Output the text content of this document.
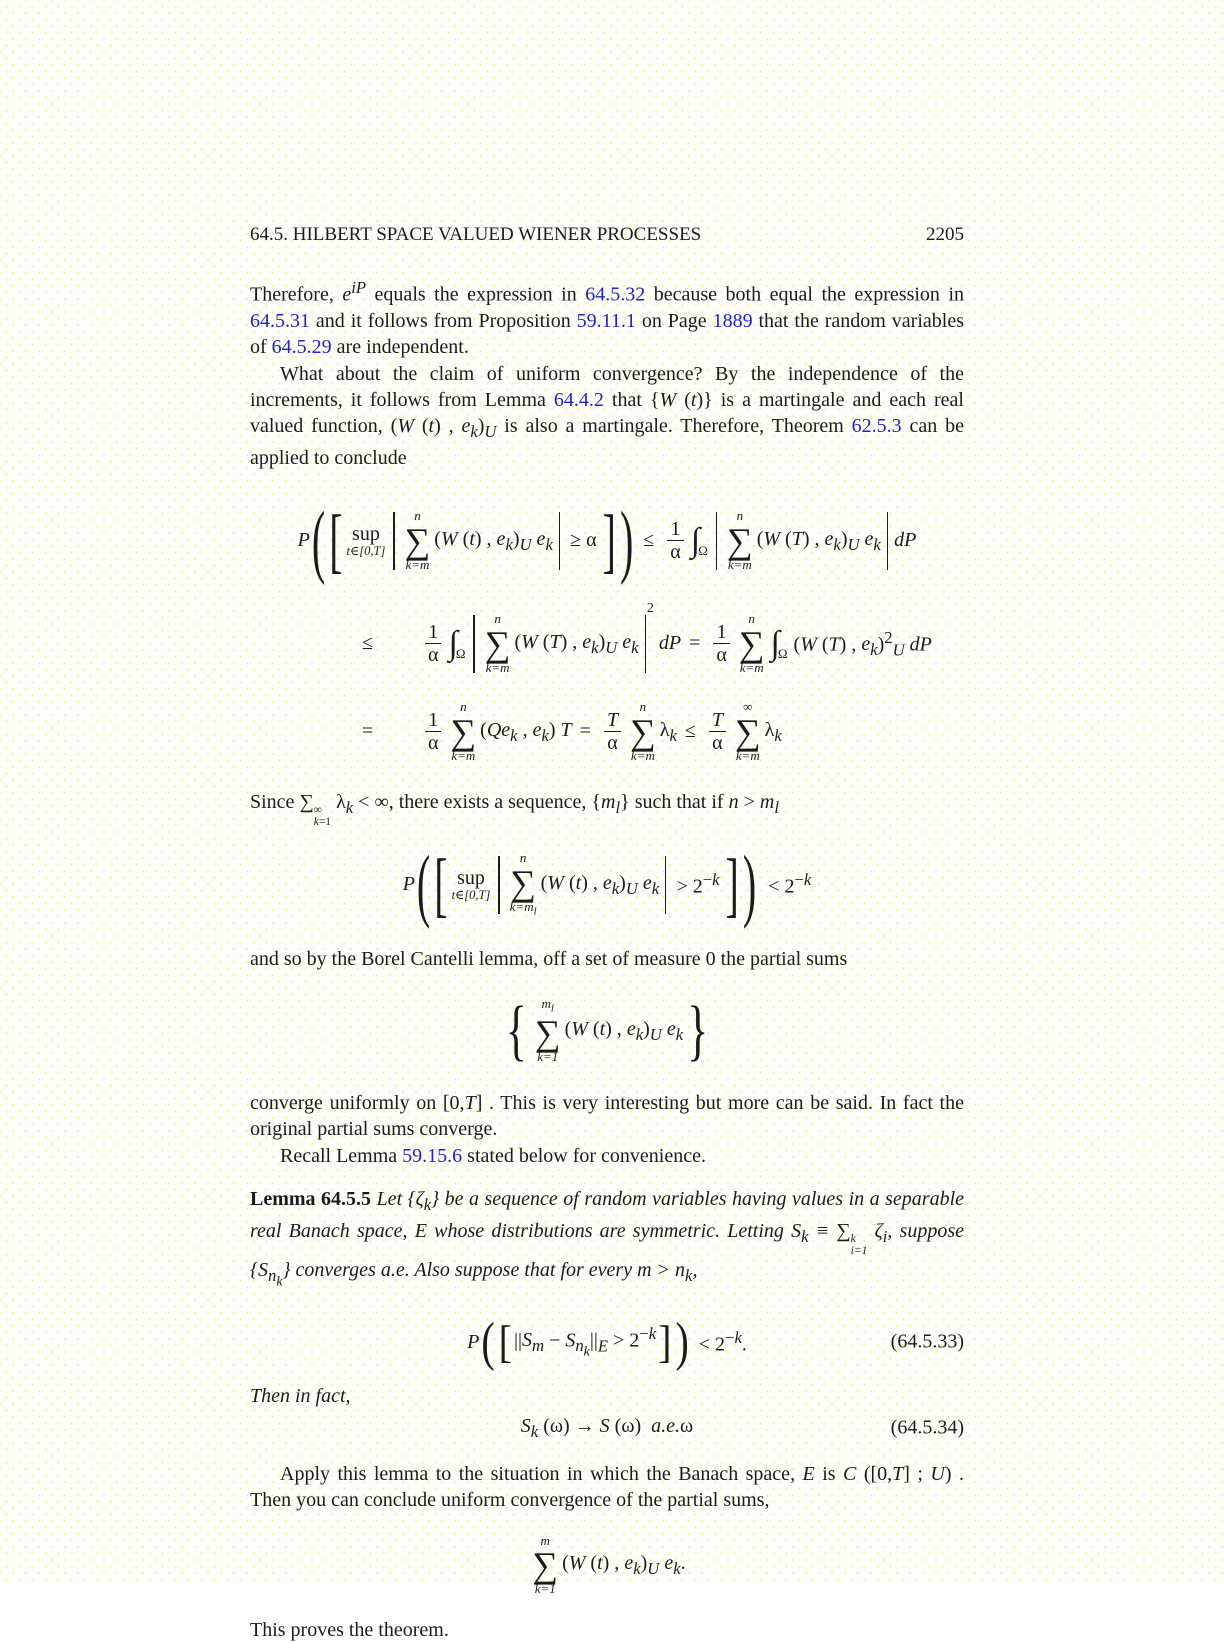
64.5. HILBERT SPACE VALUED WIENER PROCESSES	2205

Therefore, $e^{iP}$ equals the expression in 64.5.32 because both equal the expression in 64.5.31 and it follows from Proposition 59.11.1 on Page 1889 that the random variables of 64.5.29 are independent.

What about the claim of uniform convergence? By the independence of the increments, it follows from Lemma 64.4.2 that {W (t)} is a martingale and each real valued function, (W (t) , $e_k)_U$ is also a martingale. Therefore, Theorem 62.5.3 can be applied to conclude

P ( [ sup
t∈[0,T]
n
∑
k=m
(W (t) , $e_k)_U$ $e_k \ge \alpha$ ] ) ≤ $\frac{1}{\alpha}$ ∫
Ω
n
∑
k=m
(W (T) , $e_k)_U$ $e_k$ dP
≤	$\frac{1}{\alpha}$ ∫
Ω
n
∑
k=m
(W (T) , $e_k)_U$ $e_k$
2
dP = $\frac{1}{\alpha}$
n
∑
k=m
∫
Ω (W (T) , $e_k)^2_U$ dP
=	$\frac{1}{\alpha}$
n
∑
k=m
($Qe_k$ , $e_k$) $T = \frac{T}{\alpha}$
n
∑
k=m
$\lambda_k \le \frac{T}{\alpha}$
∞
∑
k=m
$\lambda_k$

Since ∑ ∞
k=1
$\lambda_k$ < ∞, there exists a sequence, $\{m_l\}$ such that if $n > m_l$

P ( [ sup
t∈[0,T]
n
∑
$k=m_l$
(W (t) , $e_k)_U$ $e_k > 2^{-k}$ ] ) < $2^{-k}$

and so by the Borel Cantelli lemma, off a set of measure 0 the partial sums

{ $m_l$
∑
k=1
(W (t) , $e_k)_U$ $e_k$ }

converge uniformly on [0,T] . This is very interesting but more can be said. In fact the original partial sums converge.

Recall Lemma 59.15.6 stated below for convenience.

Lemma 64.5.5 Let $\{\zeta_k\}$ be a sequence of random variables having values in a separable real Banach space, E whose distributions are symmetric. Letting $S_k$ ≡ ∑ k
i=1
$\zeta_i$, suppose $\{S_{n_k}\}$ converges a.e. Also suppose that for every $m > n_k$,
P ( [ $||S_m - S_{n_k}||_E > 2^{-k}$ ] ) < $2^{-k}$.	(64.5.33)

Then in fact,

$S_k$ (ω) → S (ω)  a.e.ω	(64.5.34)

Apply this lemma to the situation in which the Banach space, E is C ([0,T] ; U) . Then you can conclude uniform convergence of the partial sums,

m
∑
k=1
(W (t) , $e_k)_U$ $e_k$.

This proves the theorem.
